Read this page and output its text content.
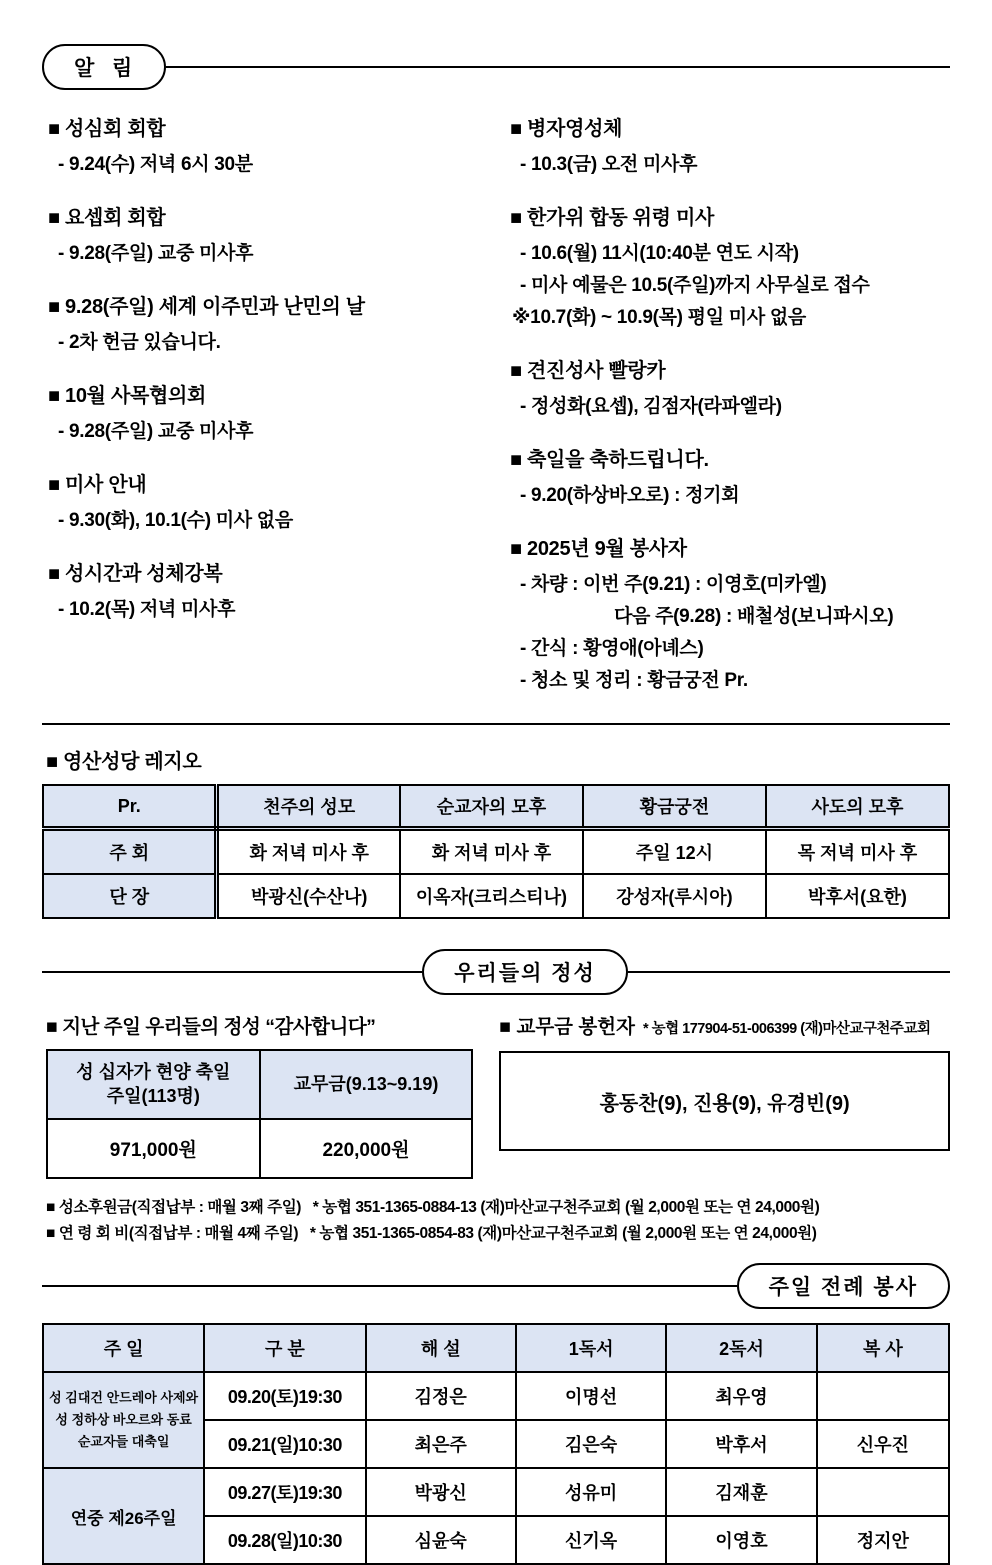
알  림
■ 성심회 회합
- 9.24(수) 저녁 6시 30분
■ 요셉회 회합
- 9.28(주일) 교중 미사후
■ 9.28(주일) 세계 이주민과 난민의 날
- 2차 헌금 있습니다.
■ 10월 사목협의회
- 9.28(주일) 교중 미사후
■ 미사 안내
- 9.30(화), 10.1(수) 미사 없음
■ 성시간과 성체강복
- 10.2(목) 저녁 미사후
■ 병자영성체
- 10.3(금) 오전 미사후
■ 한가위 합동 위령 미사
- 10.6(월) 11시(10:40분 연도 시작)
- 미사 예물은 10.5(주일)까지 사무실로 접수
※10.7(화) ~ 10.9(목) 평일 미사 없음
■ 견진성사 빨랑카
- 정성화(요셉), 김점자(라파엘라)
■ 축일을 축하드립니다.
- 9.20(하상바오로) : 정기회
■ 2025년 9월 봉사자
- 차량 : 이번 주(9.21) : 이영호(미카엘)
다음 주(9.28) : 배철성(보니파시오)
- 간식 : 황영애(아녜스)
- 청소 및 정리 : 황금궁전 Pr.
■ 영산성당 레지오
Pr.	천주의 성모	순교자의 모후	황금궁전	사도의 모후
주 회	화 저녁 미사 후	화 저녁 미사 후	주일 12시	목 저녁 미사 후
단 장	박광신(수산나)	이옥자(크리스티나)	강성자(루시아)	박후서(요한)
우리들의 정성
■ 지난 주일 우리들의 정성 “감사합니다”
성 십자가 현양 축일
주일(113명)	교무금(9.13~9.19)
971,000원	220,000원
■ 교무금 봉헌자 * 농협 177904-51-006399 (재)마산교구천주교회
홍동찬(9), 진용(9), 유경빈(9)
■ 성소후원금(직접납부 : 매월 3째 주일)   * 농협 351-1365-0884-13 (재)마산교구천주교회 (월 2,000원 또는 연 24,000원)
■ 연 령 회 비(직접납부 : 매월 4째 주일)   * 농협 351-1365-0854-83 (재)마산교구천주교회 (월 2,000원 또는 연 24,000원)
주일 전례 봉사
주 일	구 분	해 설	1독서	2독서	복 사

성 김대건 안드레아 사제와
성 정하상 바오르와 동료
순교자들 대축일	09.20(토)19:30	김정은	이명선	최우영	
	09.21(일)10:30	최은주	김은숙	박후서	신우진
연중 제26주일	09.27(토)19:30	박광신	성유미	김재훈	
	09.28(일)10:30	심윤숙	신기옥	이영호	정지안
